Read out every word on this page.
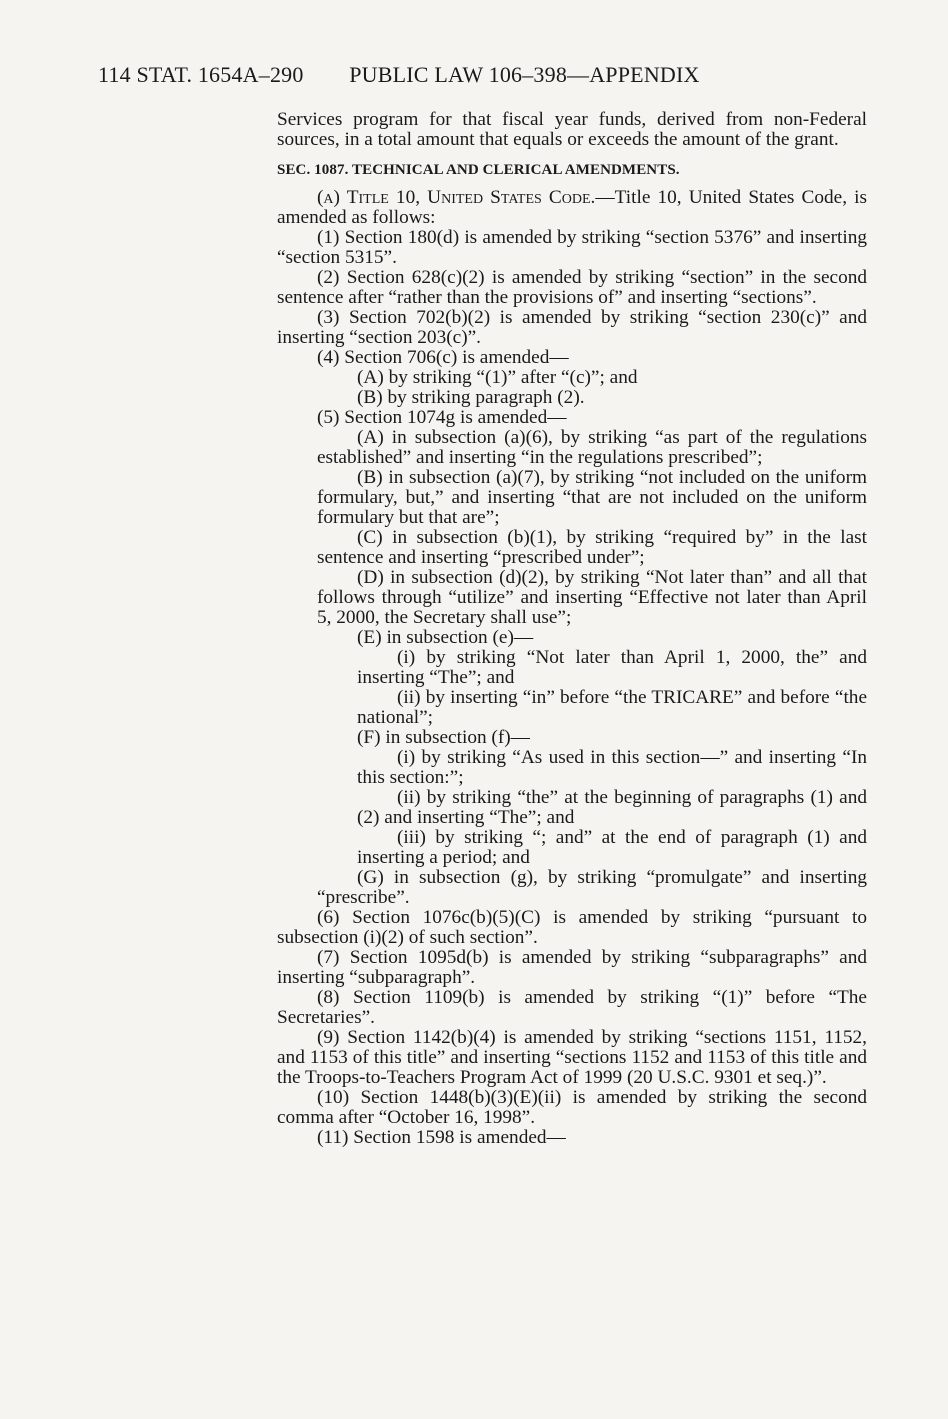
114 STAT. 1654A–290 PUBLIC LAW 106–398—APPENDIX

Services program for that fiscal year funds, derived from non-Federal sources, in a total amount that equals or exceeds the amount of the grant.

SEC. 1087. TECHNICAL AND CLERICAL AMENDMENTS.

(a) Title 10, United States Code.—Title 10, United States Code, is amended as follows:

(1) Section 180(d) is amended by striking “section 5376” and inserting “section 5315”.

(2) Section 628(c)(2) is amended by striking “section” in the second sentence after “rather than the provisions of” and inserting “sections”.

(3) Section 702(b)(2) is amended by striking “section 230(c)” and inserting “section 203(c)”.

(4) Section 706(c) is amended—

(A) by striking “(1)” after “(c)”; and

(B) by striking paragraph (2).

(5) Section 1074g is amended—

(A) in subsection (a)(6), by striking “as part of the regulations established” and inserting “in the regulations prescribed”;

(B) in subsection (a)(7), by striking “not included on the uniform formulary, but,” and inserting “that are not included on the uniform formulary but that are”;

(C) in subsection (b)(1), by striking “required by” in the last sentence and inserting “prescribed under”;

(D) in subsection (d)(2), by striking “Not later than” and all that follows through “utilize” and inserting “Effective not later than April 5, 2000, the Secretary shall use”;

(E) in subsection (e)—

(i) by striking “Not later than April 1, 2000, the” and inserting “The”; and

(ii) by inserting “in” before “the TRICARE” and before “the national”;

(F) in subsection (f)—

(i) by striking “As used in this section—” and inserting “In this section:”;

(ii) by striking “the” at the beginning of paragraphs (1) and (2) and inserting “The”; and

(iii) by striking “; and” at the end of paragraph (1) and inserting a period; and

(G) in subsection (g), by striking “promulgate” and inserting “prescribe”.

(6) Section 1076c(b)(5)(C) is amended by striking “pursuant to subsection (i)(2) of such section”.

(7) Section 1095d(b) is amended by striking “subparagraphs” and inserting “subparagraph”.

(8) Section 1109(b) is amended by striking “(1)” before “The Secretaries”.

(9) Section 1142(b)(4) is amended by striking “sections 1151, 1152, and 1153 of this title” and inserting “sections 1152 and 1153 of this title and the Troops-to-Teachers Program Act of 1999 (20 U.S.C. 9301 et seq.)”.

(10) Section 1448(b)(3)(E)(ii) is amended by striking the second comma after “October 16, 1998”.

(11) Section 1598 is amended—
